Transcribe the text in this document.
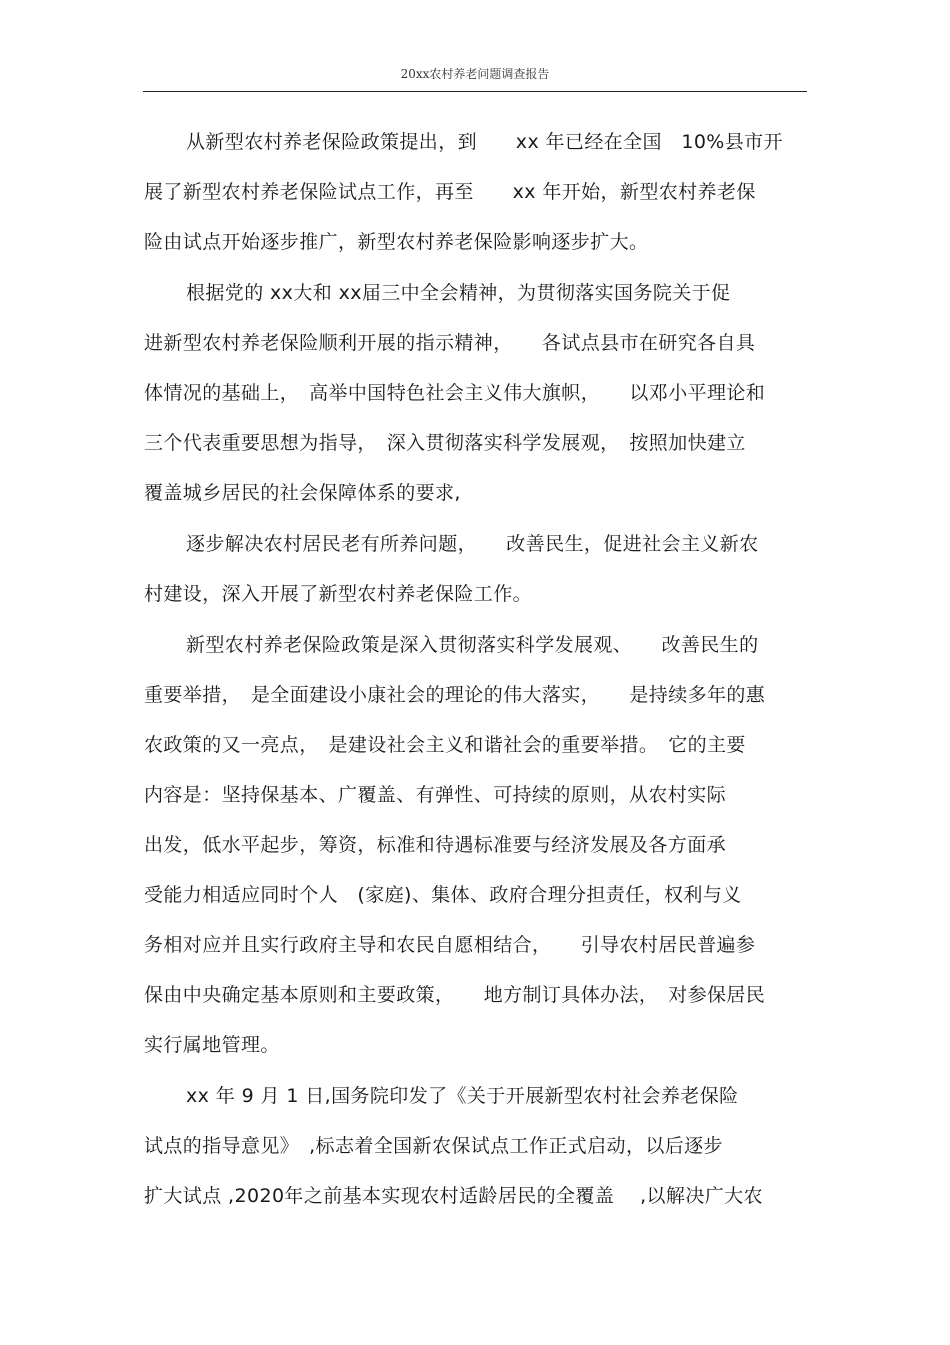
20xx农村养老问题调查报告
从新型农村养老保险政策提出，到　　xx 年已经在全国　10%县市开
展了新型农村养老保险试点工作，再至　　xx 年开始，新型农村养老保
险由试点开始逐步推广，新型农村养老保险影响逐步扩大。
根据党的 xx大和 xx届三中全会精神，为贯彻落实国务院关于促
进新型农村养老保险顺利开展的指示精神，　　各试点县市在研究各自具
体情况的基础上，　高举中国特色社会主义伟大旗帜，　　以邓小平理论和
三个代表重要思想为指导，　深入贯彻落实科学发展观，　按照加快建立
覆盖城乡居民的社会保障体系的要求,
逐步解决农村居民老有所养问题，　　改善民生，促进社会主义新农
村建设，深入开展了新型农村养老保险工作。
新型农村养老保险政策是深入贯彻落实科学发展观、　　改善民生的
重要举措，　是全面建设小康社会的理论的伟大落实，　　是持续多年的惠
农政策的又一亮点，　是建设社会主义和谐社会的重要举措。　它的主要
内容是：坚持保基本、广覆盖、有弹性、可持续的原则，从农村实际
出发，低水平起步，筹资，标准和待遇标准要与经济发展及各方面承
受能力相适应同时个人　(家庭)、集体、政府合理分担责任，权利与义
务相对应并且实行政府主导和农民自愿相结合，　　引导农村居民普遍参
保由中央确定基本原则和主要政策，　　地方制订具体办法，　对参保居民
实行属地管理。
xx 年 9 月 1 日,国务院印发了《关于开展新型农村社会养老保险
试点的指导意见》　,标志着全国新农保试点工作正式启动，以后逐步
扩大试点 ,2020年之前基本实现农村适龄居民的全覆盖　 ,以解决广大农
